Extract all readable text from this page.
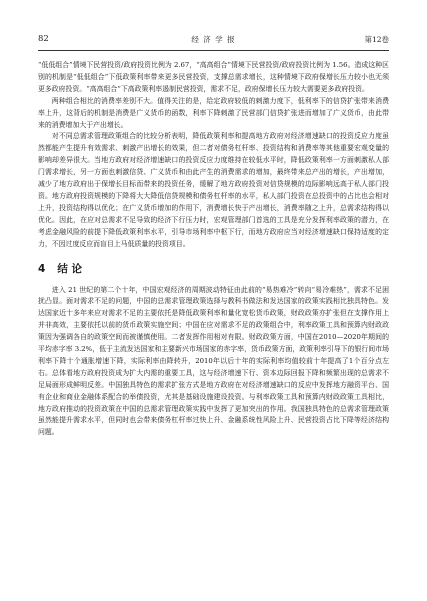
82	经 济 学 报	第12卷

“低低组合”情境下民营投资/政府投资比例为 2.67，“高高组合”情境下民营投资/政府投资比例为 1.56。造成这种区别的机制是“低低组合”下低政策利率带来更多民营投资，支撑总需求增长，这种情境下政府保增长压力较小也无须更多政府投资。“高高组合”下高政策利率遏制民营投资，需求不足，政府保增长压力较大需要更多政府投资。

两种组合相比的消费率差别不大。值得关注的是，给定政府较低的刺激力度下，低利率下的信贷扩张带来消费率上升，这背后的机制是消费是广义货币的函数，利率下降刺激了民营部门信贷扩张进而增加了广义货币，由此带来的消费增加大于产出增长。

对不同总需求管理政策组合的比较分析表明，降低政策利率和提高地方政府对经济增速缺口的投资反应力度虽然都能产生提升有效需求、刺激产出增长的效果，但二者对债务杠杆率、投资结构和消费率等其他重要宏观变量的影响却差异很大。当地方政府对经济增速缺口的投资反应力度维持在较低水平时，降低政策利率一方面刺激私人部门需求增长，另一方面也刺激信贷、广义货币和由此产生的消费需求的增加，最终带来总产出的增长，产出增加，减少了地方政府出于保增长目标而带来的投资任务，缓解了地方政府投资对信贷规模的边际影响远高于私人部门投资。地方政府投资规模的下降将大大降低信贷规模和债务杠杆率的水平，私人部门投资在总投资中的占比也会相对上升，投资结构得以优化；在广义货币增加的作用下，消费增长快于产出增长，消费率随之上升，总需求结构得以优化。因此，在应对总需求不足导致的经济下行压力时，宏观管理部门首选的工具是充分发挥利率政策的潜力，在考虑金融风险的前提下降低政策利率水平，引导市场利率中枢下行，而地方政府应当对经济增速缺口保持适度的定力，不因过度反应而盲目上马低质量的投资项目。

4 结 论

进入 21 世纪的第二个十年，中国宏观经济的周期波动特征由此前的“易热难冷”转向“易冷难热”，需求不足困扰凸显。面对需求不足的问题，中国的总需求管理政策选择与教科书做法和发达国家的政策实践相比独具特色。发达国家近十多年来应对需求不足的主要依托是降低政策利率和量化宽松货币政策，财政政策亦扩张但在支撑作用上并非高效，主要依托以前的货币政策实施空间；中国在应对需求不足的政策组合中，利率政策工具和预算内财政政策因为强调各自的政策空间而被谨慎使用。二者发挥作用相对有限。财政政策方面，中国在2010—2020年期间的平均赤字率 3.2%，低于主流发达国家和主要新兴市场国家的赤字率，货币政策方面，政策利率引导下的银行间市场利率下降十个通胀增速下降，实际利率由降转升，2010年以后十年的实际利率均值较前十年提高了1个百分点左右。总体看地方政府投资成为扩大内需的重要工具，这与经济增速下行、资本边际回报下降和频繁出现的总需求不足局面形成鲜明反差。中国独具特色的需求扩张方式是地方政府在对经济增速缺口的反应中发挥地方融资平台、国有企业和商业金融体系配合的举债投资，尤其是基础设施建设投资。与利率政策工具和预算内财政政策工具相比，地方政府推动的投资政策在中国的总需求管理政策实践中发挥了更加突出的作用。我国独具特色的总需求管理政策虽然能提升需求水平，但同时也会带来债务杠杆率过快上升、金融系统性风险上升、民营投资占比下降等经济结构问题。
